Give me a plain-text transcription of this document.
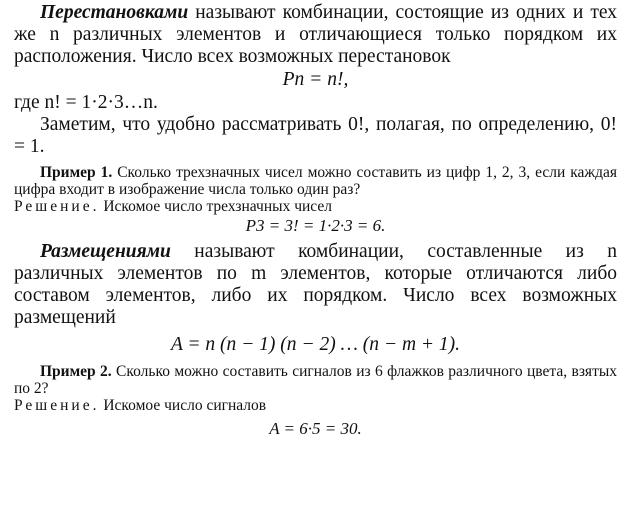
Перестановками называют комбинации, состоящие из одних и тех же n различных элементов и отличающиеся только порядком их расположения. Число всех возможных перестановок

Pn = n!,

где n! = 1·2·3…n.

Заметим, что удобно рассматривать 0!, полагая, по определению, 0! = 1.

Пример 1. Сколько трехзначных чисел можно составить из цифр 1, 2, 3, если каждая цифра входит в изображение числа только один раз?

Решение. Искомое число трехзначных чисел

P3 = 3! = 1·2·3 = 6.

Размещениями называют комбинации, составленные из n различных элементов по m элементов, которые отличаются либо составом элементов, либо их порядком. Число всех возможных размещений

A = n (n − 1) (n − 2) … (n − m + 1).

Пример 2. Сколько можно составить сигналов из 6 флажков различного цвета, взятых по 2?

Решение. Искомое число сигналов

A = 6·5 = 30.
